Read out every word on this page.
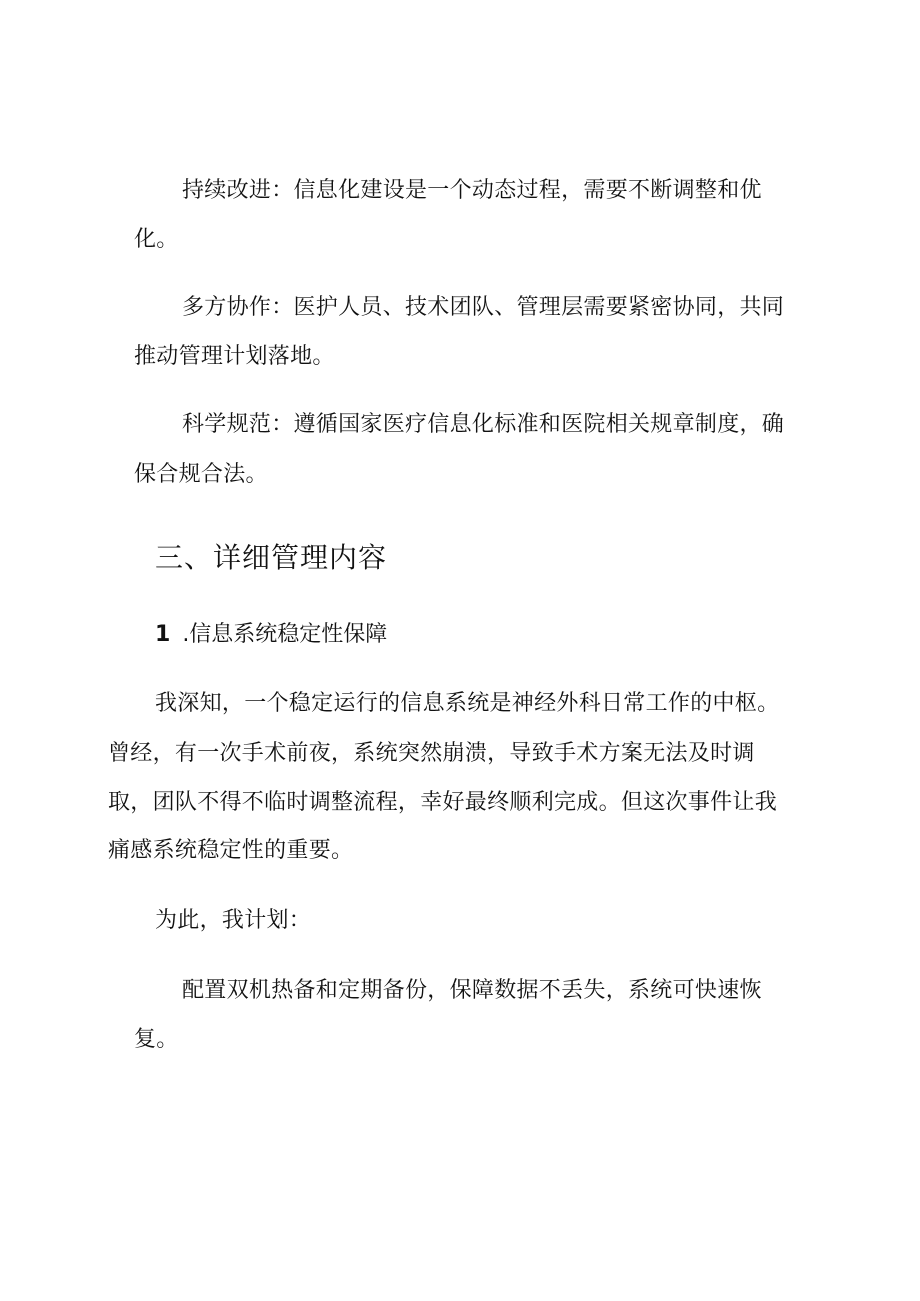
持续改进：信息化建设是一个动态过程，需要不断调整和优
化。
多方协作：医护人员、技术团队、管理层需要紧密协同，共同
推动管理计划落地。
科学规范：遵循国家医疗信息化标准和医院相关规章制度，确
保合规合法。
三、详细管理内容
1 .信息系统稳定性保障
我深知，一个稳定运行的信息系统是神经外科日常工作的中枢。
曾经，有一次手术前夜，系统突然崩溃，导致手术方案无法及时调
取，团队不得不临时调整流程，幸好最终顺利完成。但这次事件让我
痛感系统稳定性的重要。
为此，我计划：
配置双机热备和定期备份，保障数据不丢失，系统可快速恢
复。
